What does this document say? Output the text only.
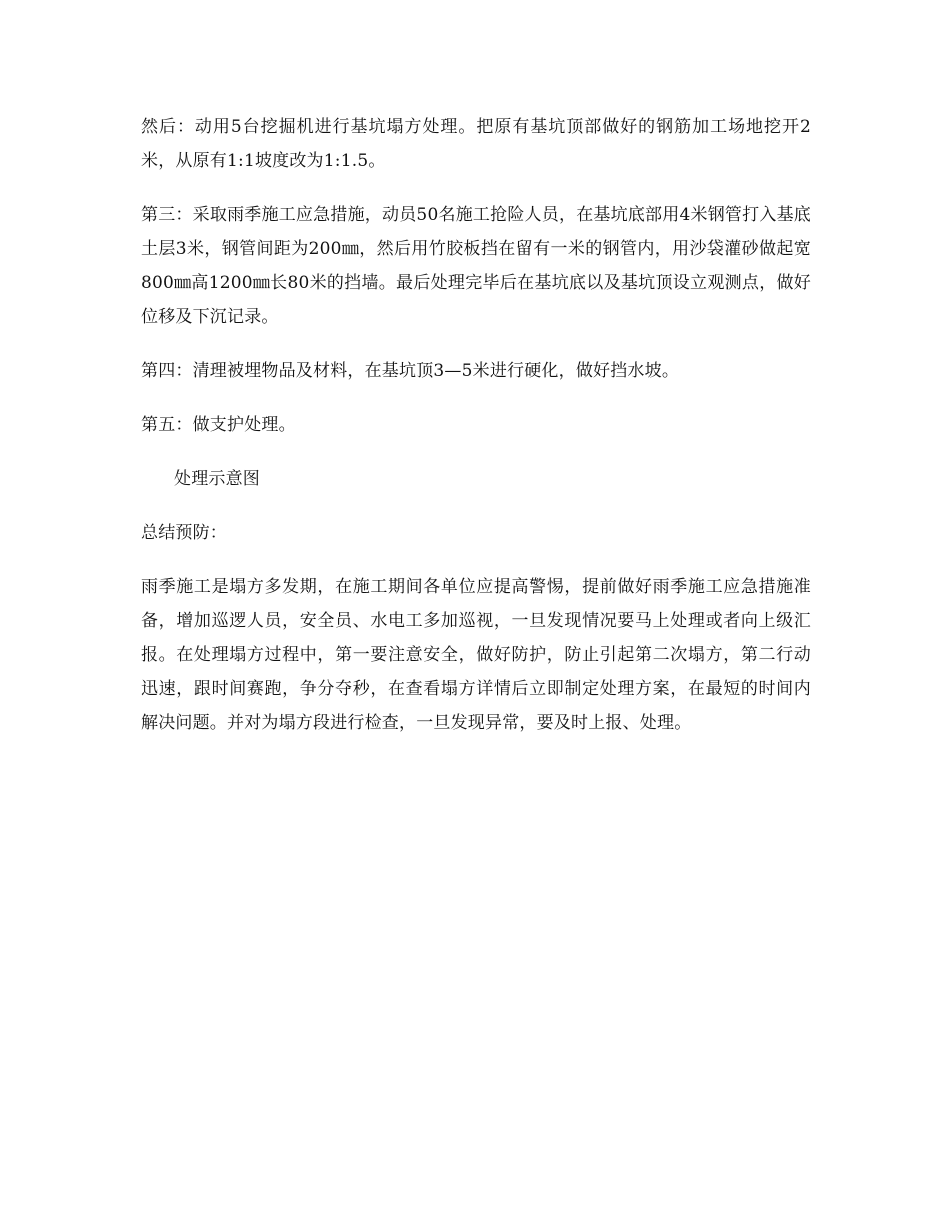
然后：动用5台挖掘机进行基坑塌方处理。把原有基坑顶部做好的钢筋加工场地挖开2米，从原有1:1坡度改为1:1.5。

第三：采取雨季施工应急措施，动员50名施工抢险人员，在基坑底部用4米钢管打入基底土层3米，钢管间距为200㎜，然后用竹胶板挡在留有一米的钢管内，用沙袋灌砂做起宽800㎜高1200㎜长80米的挡墙。最后处理完毕后在基坑底以及基坑顶设立观测点，做好位移及下沉记录。

第四：清理被埋物品及材料，在基坑顶3—5米进行硬化，做好挡水坡。

第五：做支护处理。

处理示意图

总结预防：

雨季施工是塌方多发期，在施工期间各单位应提高警惕，提前做好雨季施工应急措施准备，增加巡逻人员，安全员、水电工多加巡视，一旦发现情况要马上处理或者向上级汇报。在处理塌方过程中，第一要注意安全，做好防护，防止引起第二次塌方，第二行动迅速，跟时间赛跑，争分夺秒，在查看塌方详情后立即制定处理方案，在最短的时间内解决问题。并对为塌方段进行检查，一旦发现异常，要及时上报、处理。
